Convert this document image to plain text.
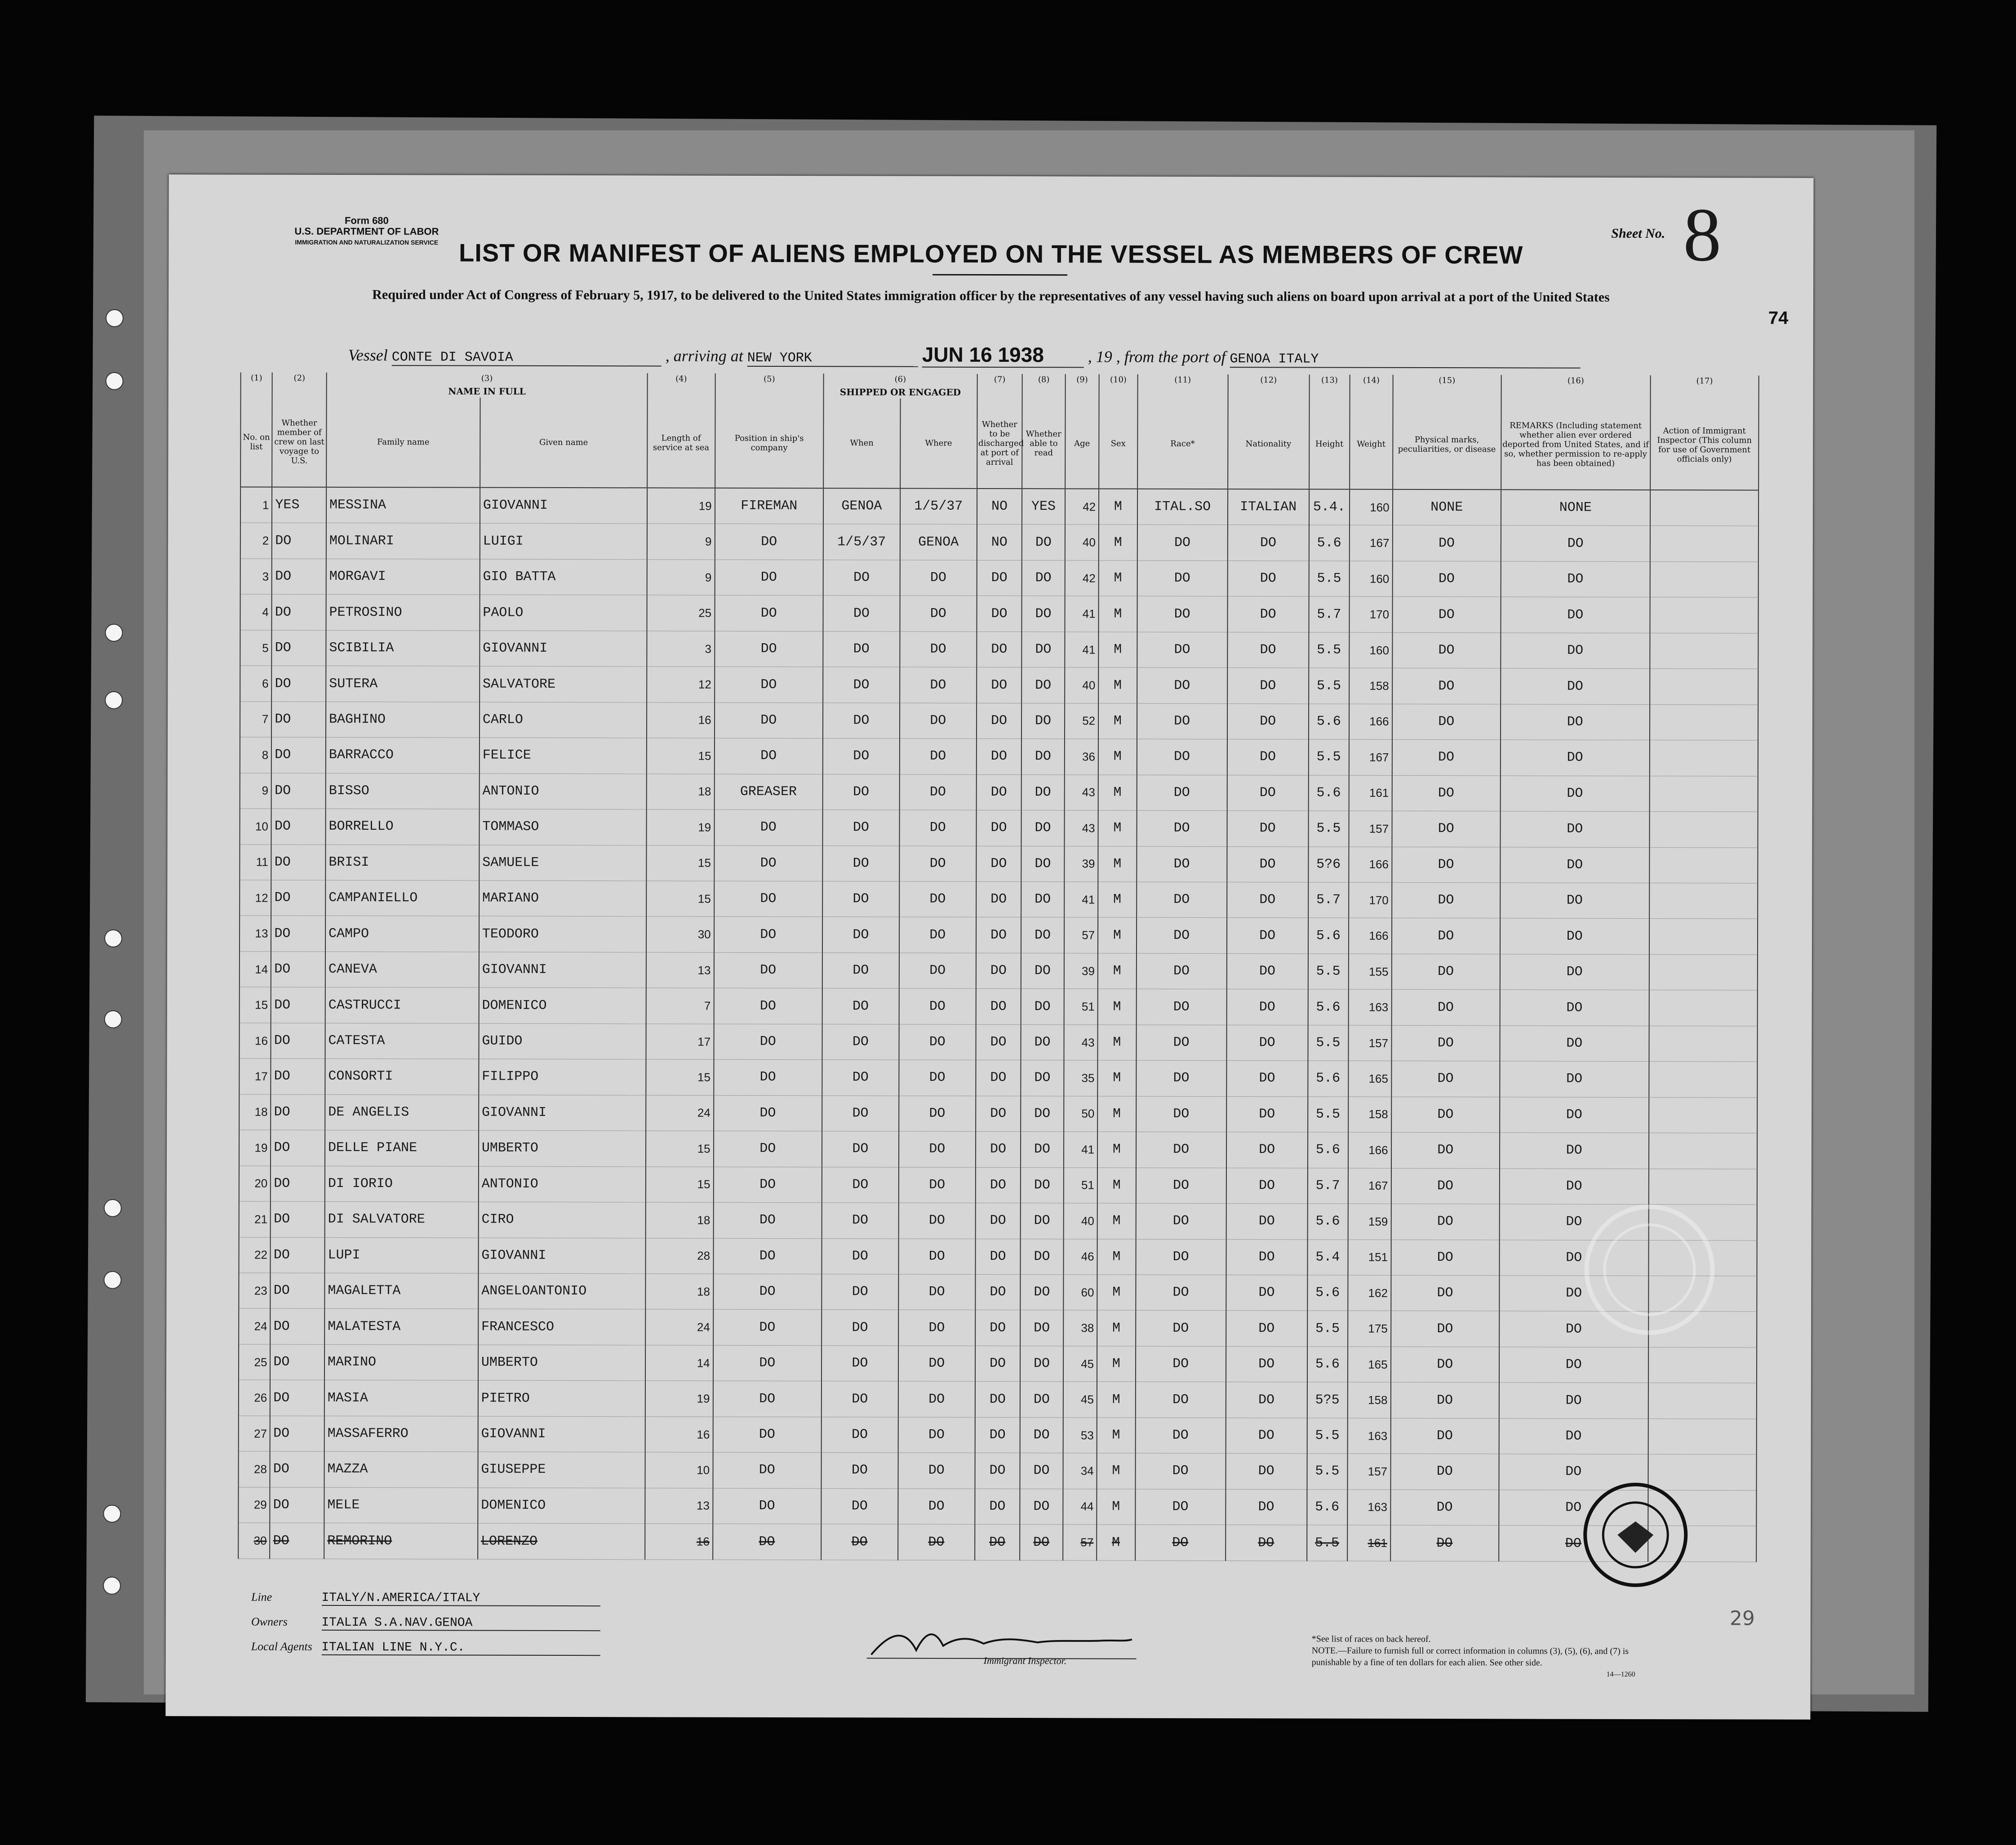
Form 680
U.S. DEPARTMENT OF LABOR
IMMIGRATION AND NATURALIZATION SERVICE
Sheet No. 8
LIST OR MANIFEST OF ALIENS EMPLOYED ON THE VESSEL AS MEMBERS OF CREW
Required under Act of Congress of February 5, 1917, to be delivered to the United States immigration officer by the representatives of any vessel having such aliens on board upon arrival at a port of the United States
74
Vessel CONTE DI SAVOIA	, arriving at NEW YORK	JUN 16 1938	, 19 , from the port of GENOA ITALY
(1)	(2)	(3)
NAME IN FULL		(4)	(5)	(6)
SHIPPED OR ENGAGED		(7)	(8)	(9)	(10)	(11)	(12)	(13)	(14)	(15)	(16)	(17)

No. on list	Whether member of crew on last voyage to U.S.	Family name	Given name	Length of service at sea	Position in ship's company	When	Where	Whether to be discharged at port of arrival	Whether able to read	Age	Sex	Race*	Nationality	Height	Weight	Physical marks, peculiarities, or disease	REMARKS (Including statement whether alien ever ordered deported from United States, and if so, whether permission to re-apply has been obtained)	Action of Immigrant Inspector (This column for use of Government officials only)
1	YES	MESSINA	GIOVANNI	19	FIREMAN	GENOA	1/5/37	NO	YES	42	M	ITAL.SO	ITALIAN	5.4.	160	NONE	NONE	
2	DO	MOLINARI	LUIGI	9	DO	1/5/37	GENOA	NO	DO	40	M	DO	DO	5.6	167	DO	DO	
3	DO	MORGAVI	GIO BATTA	9	DO	DO	DO	DO	DO	42	M	DO	DO	5.5	160	DO	DO	
4	DO	PETROSINO	PAOLO	25	DO	DO	DO	DO	DO	41	M	DO	DO	5.7	170	DO	DO	
5	DO	SCIBILIA	GIOVANNI	3	DO	DO	DO	DO	DO	41	M	DO	DO	5.5	160	DO	DO	
6	DO	SUTERA	SALVATORE	12	DO	DO	DO	DO	DO	40	M	DO	DO	5.5	158	DO	DO	
7	DO	BAGHINO	CARLO	16	DO	DO	DO	DO	DO	52	M	DO	DO	5.6	166	DO	DO	
8	DO	BARRACCO	FELICE	15	DO	DO	DO	DO	DO	36	M	DO	DO	5.5	167	DO	DO	
9	DO	BISSO	ANTONIO	18	GREASER	DO	DO	DO	DO	43	M	DO	DO	5.6	161	DO	DO	
10	DO	BORRELLO	TOMMASO	19	DO	DO	DO	DO	DO	43	M	DO	DO	5.5	157	DO	DO	
11	DO	BRISI	SAMUELE	15	DO	DO	DO	DO	DO	39	M	DO	DO	5?6	166	DO	DO	
12	DO	CAMPANIELLO	MARIANO	15	DO	DO	DO	DO	DO	41	M	DO	DO	5.7	170	DO	DO	
13	DO	CAMPO	TEODORO	30	DO	DO	DO	DO	DO	57	M	DO	DO	5.6	166	DO	DO	
14	DO	CANEVA	GIOVANNI	13	DO	DO	DO	DO	DO	39	M	DO	DO	5.5	155	DO	DO	
15	DO	CASTRUCCI	DOMENICO	7	DO	DO	DO	DO	DO	51	M	DO	DO	5.6	163	DO	DO	
16	DO	CATESTA	GUIDO	17	DO	DO	DO	DO	DO	43	M	DO	DO	5.5	157	DO	DO	
17	DO	CONSORTI	FILIPPO	15	DO	DO	DO	DO	DO	35	M	DO	DO	5.6	165	DO	DO	
18	DO	DE ANGELIS	GIOVANNI	24	DO	DO	DO	DO	DO	50	M	DO	DO	5.5	158	DO	DO	
19	DO	DELLE PIANE	UMBERTO	15	DO	DO	DO	DO	DO	41	M	DO	DO	5.6	166	DO	DO	
20	DO	DI IORIO	ANTONIO	15	DO	DO	DO	DO	DO	51	M	DO	DO	5.7	167	DO	DO	
21	DO	DI SALVATORE	CIRO	18	DO	DO	DO	DO	DO	40	M	DO	DO	5.6	159	DO	DO	
22	DO	LUPI	GIOVANNI	28	DO	DO	DO	DO	DO	46	M	DO	DO	5.4	151	DO	DO	
23	DO	MAGALETTA	ANGELOANTONIO	18	DO	DO	DO	DO	DO	60	M	DO	DO	5.6	162	DO	DO	
24	DO	MALATESTA	FRANCESCO	24	DO	DO	DO	DO	DO	38	M	DO	DO	5.5	175	DO	DO	
25	DO	MARINO	UMBERTO	14	DO	DO	DO	DO	DO	45	M	DO	DO	5.6	165	DO	DO	
26	DO	MASIA	PIETRO	19	DO	DO	DO	DO	DO	45	M	DO	DO	5?5	158	DO	DO	
27	DO	MASSAFERRO	GIOVANNI	16	DO	DO	DO	DO	DO	53	M	DO	DO	5.5	163	DO	DO	
28	DO	MAZZA	GIUSEPPE	10	DO	DO	DO	DO	DO	34	M	DO	DO	5.5	157	DO	DO	
29	DO	MELE	DOMENICO	13	DO	DO	DO	DO	DO	44	M	DO	DO	5.6	163	DO	DO	
30	DO	REMORINO	LORENZO	16	DO	DO	DO	DO	DO	57	M	DO	DO	5.5	161	DO	DO	
Line	ITALY/N.AMERICA/ITALY
Owners	ITALIA S.A.NAV.GENOA
Local Agents ITALIAN LINE N.Y.C.
Immigrant Inspector.
*See list of races on back hereof.
NOTE.—Failure to furnish full or correct information in columns (3), (5), (6), and (7) is punishable by a fine of ten dollars for each alien. See other side.
14—1260
29
